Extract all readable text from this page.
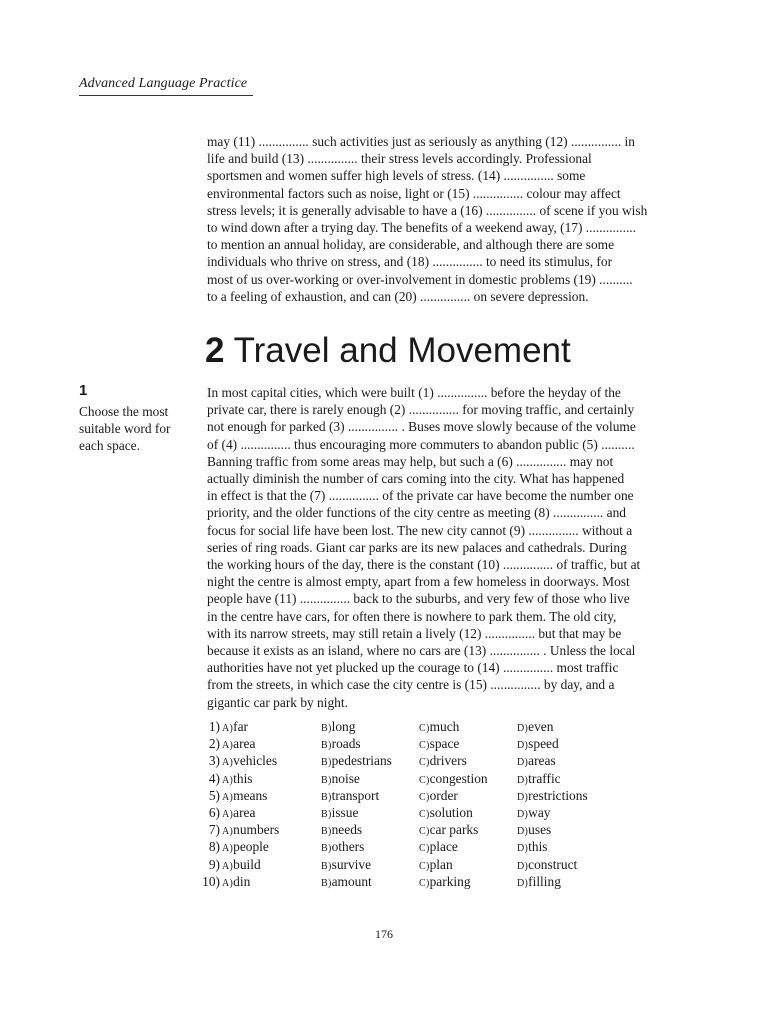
Advanced Language Practice
may (11) ............... such activities just as seriously as anything (12) ............... in
life and build (13) ............... their stress levels accordingly. Professional
sportsmen and women suffer high levels of stress. (14) ............... some
environmental factors such as noise, light or (15) ............... colour may affect
stress levels; it is generally advisable to have a (16) ............... of scene if you wish
to wind down after a trying day. The benefits of a weekend away, (17) ...............
to mention an annual holiday, are considerable, and although there are some
individuals who thrive on stress, and (18) ............... to need its stimulus, for
most of us over-working or over-involvement in domestic problems (19) ..........
to a feeling of exhaustion, and can (20) ............... on severe depression.
2 Travel and Movement
1
Choose the most
suitable word for
each space.
In most capital cities, which were built (1) ............... before the heyday of the
private car, there is rarely enough (2) ............... for moving traffic, and certainly
not enough for parked (3) ............... . Buses move slowly because of the volume
of (4) ............... thus encouraging more commuters to abandon public (5) ..........
Banning traffic from some areas may help, but such a (6) ............... may not
actually diminish the number of cars coming into the city. What has happened
in effect is that the (7) ............... of the private car have become the number one
priority, and the older functions of the city centre as meeting (8) ............... and
focus for social life have been lost. The new city cannot (9) ............... without a
series of ring roads. Giant car parks are its new palaces and cathedrals. During
the working hours of the day, there is the constant (10) ............... of traffic, but at
night the centre is almost empty, apart from a few homeless in doorways. Most
people have (11) ............... back to the suburbs, and very few of those who live
in the centre have cars, for often there is nowhere to park them. The old city,
with its narrow streets, may still retain a lively (12) ............... but that may be
because it exists as an island, where no cars are (13) ............... . Unless the local
authorities have not yet plucked up the courage to (14) ............... most traffic
from the streets, in which case the city centre is (15) ............... by day, and a
gigantic car park by night.
1) A)far	B)long	C)much	D)even
2) A)area	B)roads	C)space	D)speed
3) A)vehicles	B)pedestrians	C)drivers	D)areas
4) A)this	B)noise	C)congestion	D)traffic
5) A)means	B)transport	C)order	D)restrictions
6) A)area	B)issue	C)solution	D)way
7) A)numbers	B)needs	C)car parks	D)uses
8) A)people	B)others	C)place	D)this
9) A)build	B)survive	C)plan	D)construct
10) A)din	B)amount	C)parking	D)filling
176
